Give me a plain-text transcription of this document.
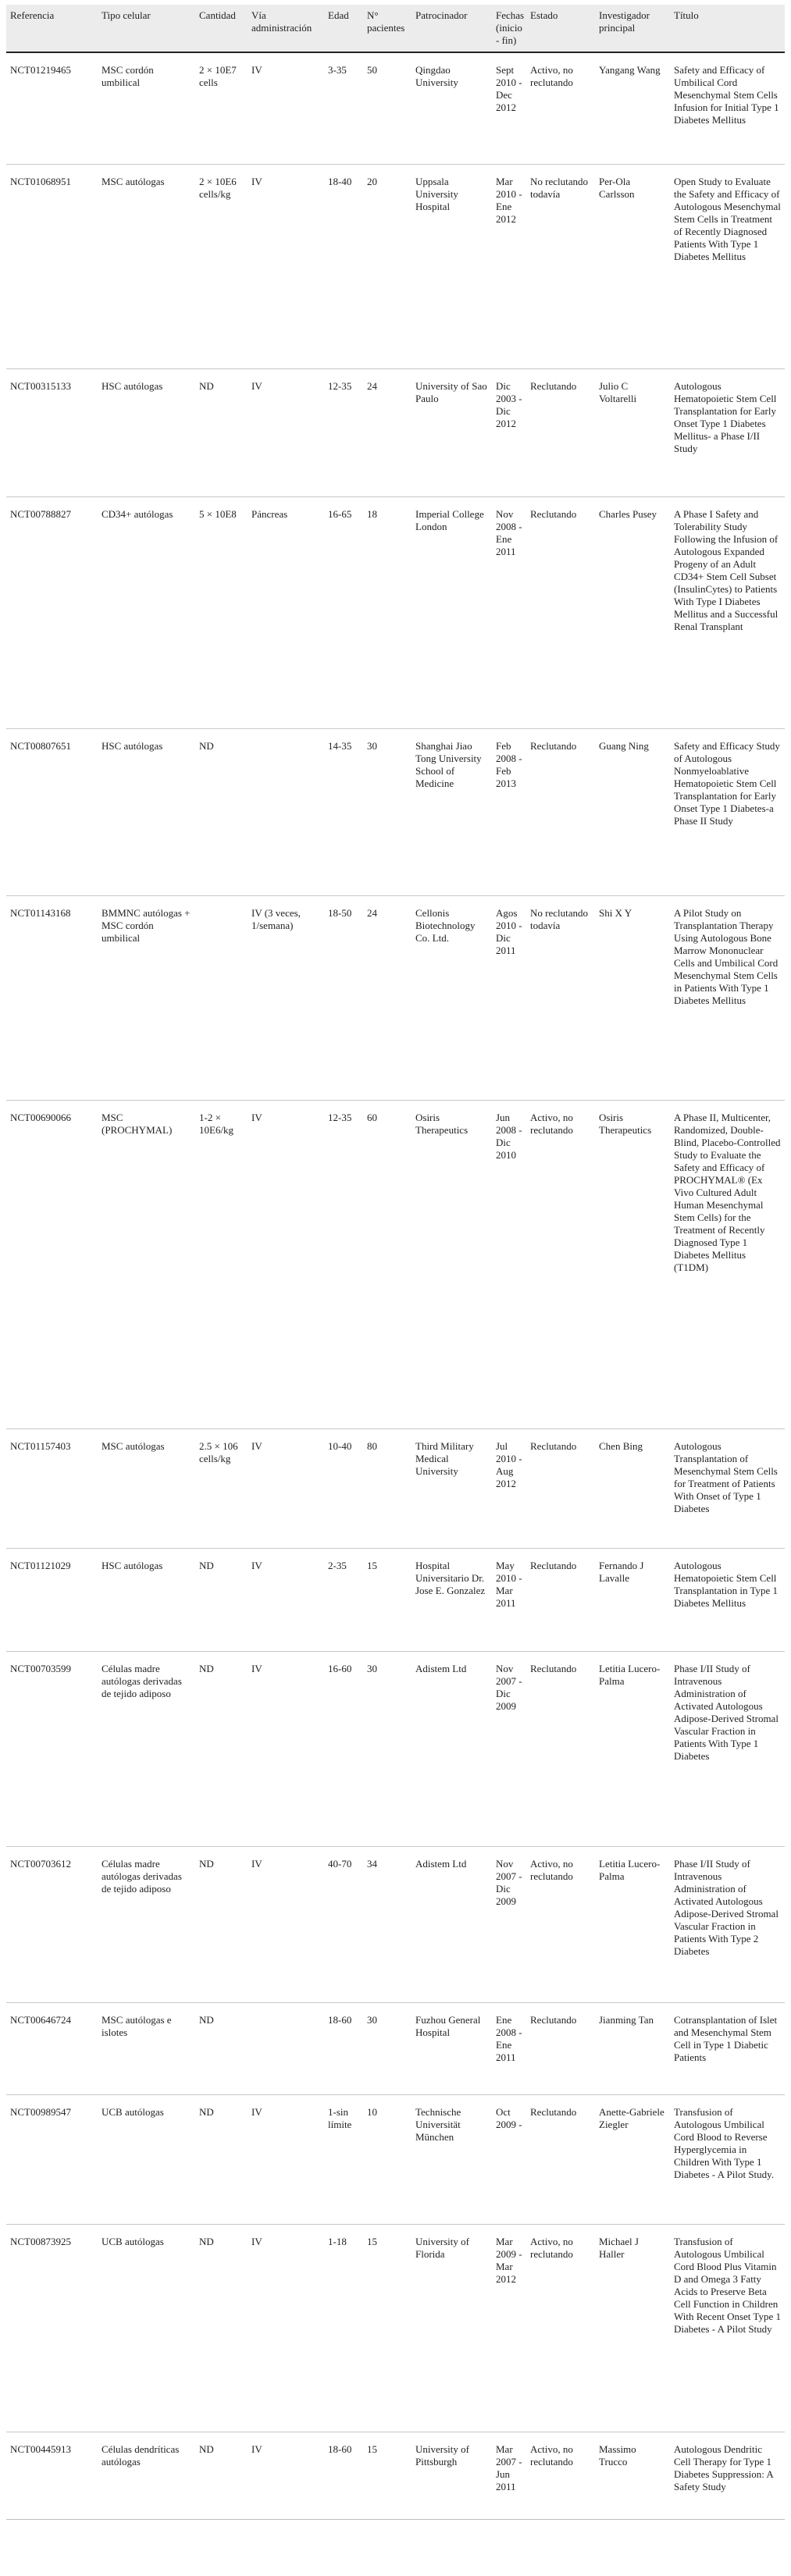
Referencia	Tipo celular	Cantidad	Vía administración	Edad	N° pacientes	Patrocinador	Fechas (inicio - fin)	Estado	Investigador principal	Título
NCT01219465	MSC cordón umbilical	2 × 10E7 cells	IV	3-35	50	Qingdao University	Sept 2010 - Dec 2012	Activo, no reclutando	Yangang Wang	Safety and Efficacy of Umbilical Cord Mesenchymal Stem Cells Infusion for Initial Type 1 Diabetes Mellitus
NCT01068951	MSC autólogas	2 × 10E6 cells/kg	IV	18-40	20	Uppsala University Hospital	Mar 2010 - Ene 2012	No reclutando todavía	Per-Ola Carlsson	Open Study to Evaluate the Safety and Efficacy of Autologous Mesenchymal Stem Cells in Treatment of Recently Diagnosed Patients With Type 1 Diabetes Mellitus
NCT00315133	HSC autólogas	ND	IV	12-35	24	University of Sao Paulo	Dic 2003 - Dic 2012	Reclutando	Julio C Voltarelli	Autologous Hematopoietic Stem Cell Transplantation for Early Onset Type 1 Diabetes Mellitus- a Phase I/II Study
NCT00788827	CD34+ autólogas	5 × 10E8	Páncreas	16-65	18	Imperial College London	Nov 2008 - Ene 2011	Reclutando	Charles Pusey	A Phase I Safety and Tolerability Study Following the Infusion of Autologous Expanded Progeny of an Adult CD34+ Stem Cell Subset (InsulinCytes) to Patients With Type I Diabetes Mellitus and a Successful Renal Transplant
NCT00807651	HSC autólogas	ND		14-35	30	Shanghai Jiao Tong University School of Medicine	Feb 2008 - Feb 2013	Reclutando	Guang Ning	Safety and Efficacy Study of Autologous Nonmyeloablative Hematopoietic Stem Cell Transplantation for Early Onset Type 1 Diabetes-a Phase II Study
NCT01143168	BMMNC autólogas + MSC cordón umbilical		IV (3 veces, 1/semana)	18-50	24	Cellonis Biotechnology Co. Ltd.	Agos 2010 - Dic 2011	No reclutando todavía	Shi X Y	A Pilot Study on Transplantation Therapy Using Autologous Bone Marrow Mononuclear Cells and Umbilical Cord Mesenchymal Stem Cells in Patients With Type 1 Diabetes Mellitus
NCT00690066	MSC (PROCHYMAL)	1-2 × 10E6/kg	IV	12-35	60	Osiris Therapeutics	Jun 2008 - Dic 2010	Activo, no reclutando	Osiris Therapeutics	A Phase II, Multicenter, Randomized, Double-Blind, Placebo-Controlled Study to Evaluate the Safety and Efficacy of PROCHYMAL® (Ex Vivo Cultured Adult Human Mesenchymal Stem Cells) for the Treatment of Recently Diagnosed Type 1 Diabetes Mellitus (T1DM)
NCT01157403	MSC autólogas	2.5 × 106 cells/kg	IV	10-40	80	Third Military Medical University	Jul 2010 - Aug 2012	Reclutando	Chen Bing	Autologous Transplantation of Mesenchymal Stem Cells for Treatment of Patients With Onset of Type 1 Diabetes
NCT01121029	HSC autólogas	ND	IV	2-35	15	Hospital Universitario Dr. Jose E. Gonzalez	May 2010 - Mar 2011	Reclutando	Fernando J Lavalle	Autologous Hematopoietic Stem Cell Transplantation in Type 1 Diabetes Mellitus
NCT00703599	Células madre autólogas derivadas de tejido adiposo	ND	IV	16-60	30	Adistem Ltd	Nov 2007 - Dic 2009	Reclutando	Letitia Lucero-Palma	Phase I/II Study of Intravenous Administration of Activated Autologous Adipose-Derived Stromal Vascular Fraction in Patients With Type 1 Diabetes
NCT00703612	Células madre autólogas derivadas de tejido adiposo	ND	IV	40-70	34	Adistem Ltd	Nov 2007 - Dic 2009	Activo, no reclutando	Letitia Lucero-Palma	Phase I/II Study of Intravenous Administration of Activated Autologous Adipose-Derived Stromal Vascular Fraction in Patients With Type 2 Diabetes
NCT00646724	MSC autólogas e islotes	ND		18-60	30	Fuzhou General Hospital	Ene 2008 - Ene 2011	Reclutando	Jianming Tan	Cotransplantation of Islet and Mesenchymal Stem Cell in Type 1 Diabetic Patients
NCT00989547	UCB autólogas	ND	IV	1-sin límite	10	Technische Universität München	Oct 2009 -	Reclutando	Anette-Gabriele Ziegler	Transfusion of Autologous Umbilical Cord Blood to Reverse Hyperglycemia in Children With Type 1 Diabetes - A Pilot Study.
NCT00873925	UCB autólogas	ND	IV	1-18	15	University of Florida	Mar 2009 - Mar 2012	Activo, no reclutando	Michael J Haller	Transfusion of Autologous Umbilical Cord Blood Plus Vitamin D and Omega 3 Fatty Acids to Preserve Beta Cell Function in Children With Recent Onset Type 1 Diabetes - A Pilot Study
NCT00445913	Células dendríticas autólogas	ND	IV	18-60	15	University of Pittsburgh	Mar 2007 - Jun 2011	Activo, no reclutando	Massimo Trucco	Autologous Dendritic Cell Therapy for Type 1 Diabetes Suppression: A Safety Study
